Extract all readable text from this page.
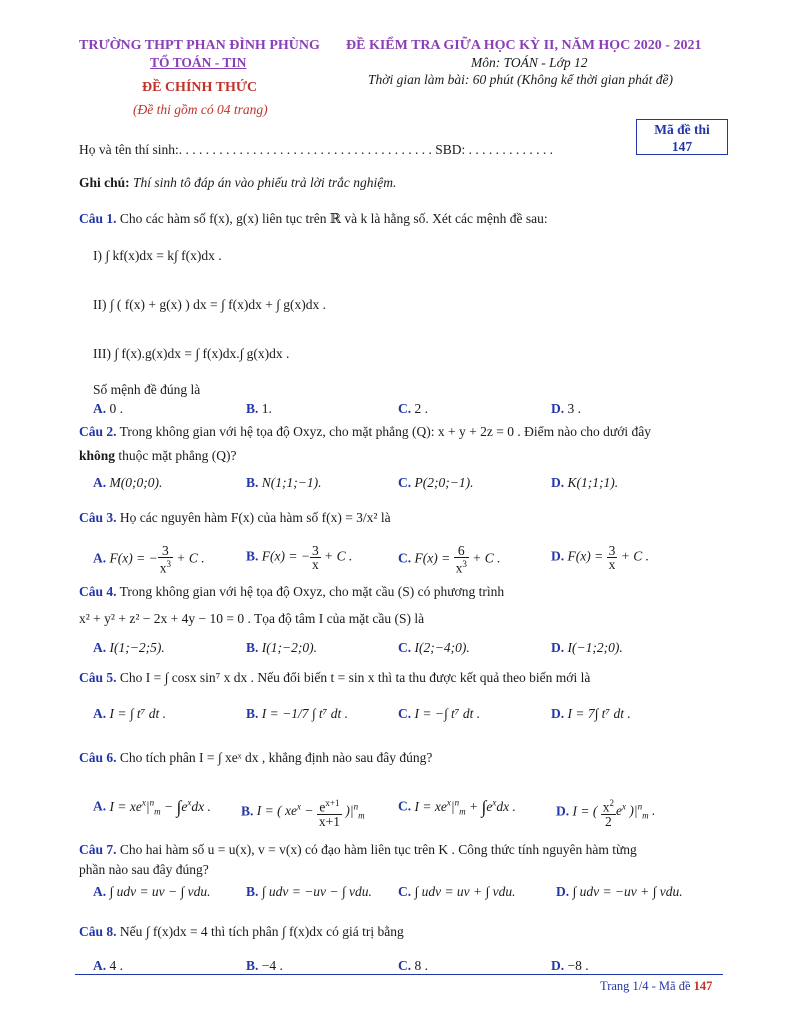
TRƯỜNG THPT PHAN ĐÌNH PHÙNG
TỔ TOÁN - TIN
ĐỀ CHÍNH THỨC
(Đề thi gồm có 04 trang)
ĐỀ KIỂM TRA GIỮA HỌC KỲ II, NĂM HỌC 2020 - 2021
Môn: TOÁN - Lớp 12
Thời gian làm bài: 60 phút (Không kể thời gian phát đề)
Mã đề thi
147
Họ và tên thí sinh:. . . . . . . . . . . . . . . . . . . . . . . . . . . . . . . . . . . . . . SBD: . . . . . . . . . . . . .
Ghi chú: Thí sinh tô đáp án vào phiếu trả lời trắc nghiệm.
Câu 1. Cho các hàm số f(x), g(x) liên tục trên ℝ và k là hằng số. Xét các mệnh đề sau:
I) ∫ kf(x)dx = k∫ f(x)dx .
II) ∫ ( f(x) + g(x) ) dx = ∫ f(x)dx + ∫ g(x)dx .
III) ∫ f(x).g(x)dx = ∫ f(x)dx.∫ g(x)dx .
Số mệnh đề đúng là
A. 0 .	B. 1.	C. 2 .	D. 3 .
Câu 2. Trong không gian với hệ tọa độ Oxyz, cho mặt phẳng (Q): x + y + 2z = 0 . Điểm nào cho dưới đây
không thuộc mặt phẳng (Q)?
A. M(0;0;0).	B. N(1;1;−1).	C. P(2;0;−1).	D. K(1;1;1).
Câu 3. Họ các nguyên hàm F(x) của hàm số f(x) = 3/x² là
A. F(x) = − $\frac{3}{x^3} + C$ .	B. F(x) = − $\frac{3}{x} + C$ .	C. $F(x) = \frac{6}{x^3} + C$ .	D. $F(x) = \frac{3}{x} + C$ .
Câu 4. Trong không gian với hệ tọa độ Oxyz, cho mặt cầu (S) có phương trình
x² + y² + z² − 2x + 4y − 10 = 0 . Tọa độ tâm I của mặt cầu (S) là
A. I(1;−2;5).	B. I(1;−2;0).	C. I(2;−4;0).	D. I(−1;2;0).
Câu 5. Cho I = ∫ cosx sin⁷ x dx . Nếu đổi biến t = sin x thì ta thu được kết quả theo biến mới là
A. I = ∫ t⁷ dt .	B. I = −1/7 ∫ t⁷ dt .	C. I = −∫ t⁷ dt .	D. I = 7∫ t⁷ dt .
Câu 6. Cho tích phân I = ∫ xeˣ dx , khẳng định nào sau đây đúng?
A. $I = xe^x|^n_m - \int e^xdx$ . B. I = ( $xe^x - \frac{e^{x+1}}{x+1} )|^n_m$
C. $I = xe^x|^n_m + \int e^xdx$ .	D. I = ( $\frac{x^2}{2} e^x$ )$|^n_m$ .
Câu 7. Cho hai hàm số u = u(x), v = v(x) có đạo hàm liên tục trên K . Công thức tính nguyên hàm từng
phần nào sau đây đúng?
A. ∫ udv = uv − ∫ vdu.	B. ∫ udv = −uv − ∫ vdu. C. ∫ udv = uv + ∫ vdu.	D. ∫ udv = −uv + ∫ vdu.
Câu 8. Nếu ∫ f(x)dx = 4 thì tích phân ∫ f(x)dx có giá trị bằng
A. 4 .	B. −4 .	C. 8 .	D. −8 .
Trang 1/4 - Mã đề 147
